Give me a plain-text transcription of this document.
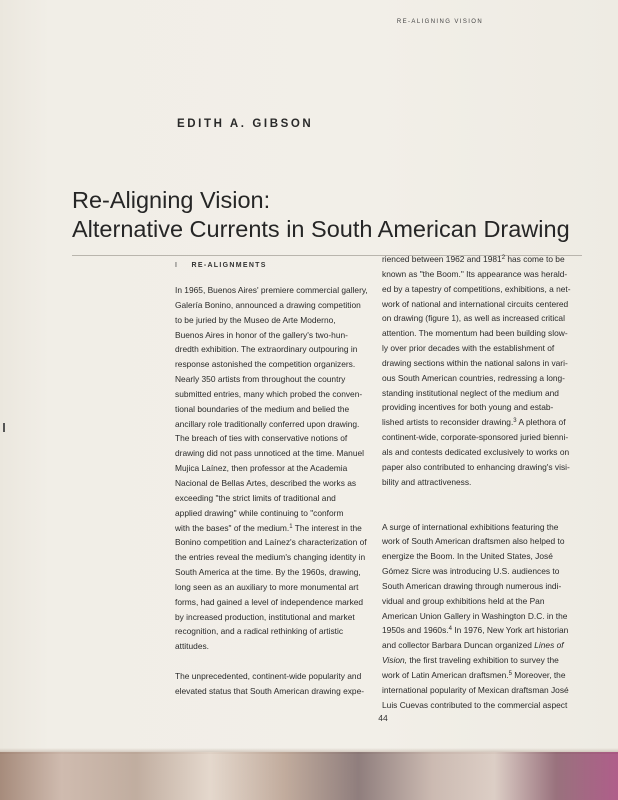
RE-ALIGNING VISION
EDITH A. GIBSON
Re-Aligning Vision:
Alternative Currents in South American Drawing
I RE-ALIGNMENTS

In 1965, Buenos Aires' premiere commercial gallery,
Galería Bonino, announced a drawing competition
to be juried by the Museo de Arte Moderno,
Buenos Aires in honor of the gallery's two-hun-
dredth exhibition. The extraordinary outpouring in
response astonished the competition organizers.
Nearly 350 artists from throughout the country
submitted entries, many which probed the conven-
tional boundaries of the medium and belied the
ancillary role traditionally conferred upon drawing.
The breach of ties with conservative notions of
drawing did not pass unnoticed at the time. Manuel
Mujica Laínez, then professor at the Academia
Nacional de Bellas Artes, described the works as
exceeding "the strict limits of traditional and
applied drawing" while continuing to "conform
with the bases" of the medium.$^1$ The interest in the
Bonino competition and Laínez's characterization of
the entries reveal the medium's changing identity in
South America at the time. By the 1960s, drawing,
long seen as an auxiliary to more monumental art
forms, had gained a level of independence marked
by increased production, institutional and market
recognition, and a radical rethinking of artistic
attitudes.

The unprecedented, continent-wide popularity and
elevated status that South American drawing expe-

rienced between 1962 and 1981$^2$ has come to be
known as "the Boom." Its appearance was herald-
ed by a tapestry of competitions, exhibitions, a net-
work of national and international circuits centered
on drawing (figure 1), as well as increased critical
attention. The momentum had been building slow-
ly over prior decades with the establishment of
drawing sections within the national salons in vari-
ous South American countries, redressing a long-
standing institutional neglect of the medium and
providing incentives for both young and estab-
lished artists to reconsider drawing.$^3$ A plethora of
continent-wide, corporate-sponsored juried bienni-
als and contests dedicated exclusively to works on
paper also contributed to enhancing drawing's visi-
bility and attractiveness.

A surge of international exhibitions featuring the
work of South American draftsmen also helped to
energize the Boom. In the United States, José
Gómez Sicre was introducing U.S. audiences to
South American drawing through numerous indi-
vidual and group exhibitions held at the Pan
American Union Gallery in Washington D.C. in the
1950s and 1960s.$^4$ In 1976, New York art historian
and collector Barbara Duncan organized Lines of
Vision, the first traveling exhibition to survey the
work of Latin American draftsmen.$^5$ Moreover, the
international popularity of Mexican draftsman José
Luis Cuevas contributed to the commercial aspect

44
